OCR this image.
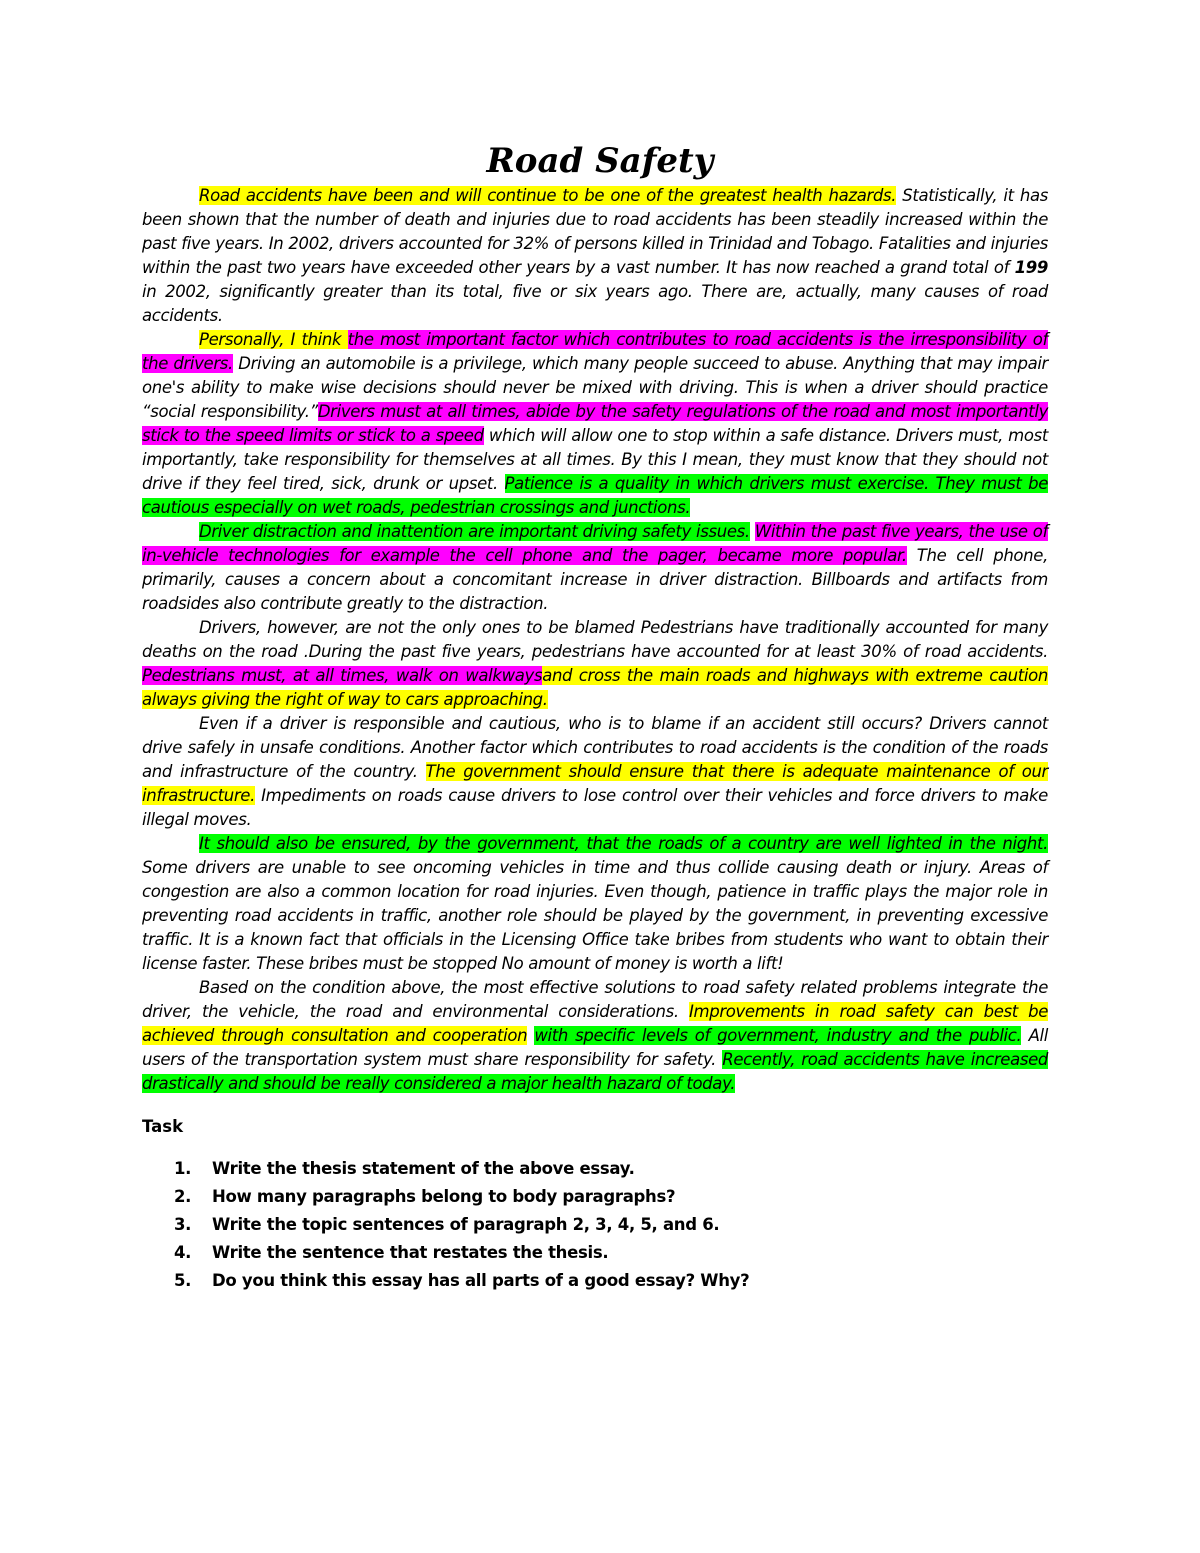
Road Safety

Road accidents have been and will continue to be one of the greatest health hazards. Statistically, it has been shown that the number of death and injuries due to road accidents has been steadily increased within the past five years. In 2002, drivers accounted for 32% of persons killed in Trinidad and Tobago. Fatalities and injuries within the past two years have exceeded other years by a vast number. It has now reached a grand total of 199 in 2002, significantly greater than its total, five or six years ago. There are, actually, many causes of road accidents.

Personally, I think the most important factor which contributes to road accidents is the irresponsibility of the drivers. Driving an automobile is a privilege, which many people succeed to abuse. Anything that may impair one's ability to make wise decisions should never be mixed with driving. This is when a driver should practice “social responsibility.”Drivers must at all times, abide by the safety regulations of the road and most importantly stick to the speed limits or stick to a speed which will allow one to stop within a safe distance. Drivers must, most importantly, take responsibility for themselves at all times. By this I mean, they must know that they should not drive if they feel tired, sick, drunk or upset. Patience is a quality in which drivers must exercise. They must be cautious especially on wet roads, pedestrian crossings and junctions.

Driver distraction and inattention are important driving safety issues. Within the past five years, the use of in-vehicle technologies for example the cell phone and the pager, became more popular. The cell phone, primarily, causes a concern about a concomitant increase in driver distraction. Billboards and artifacts from roadsides also contribute greatly to the distraction.

Drivers, however, are not the only ones to be blamed Pedestrians have traditionally accounted for many deaths on the road .During the past five years, pedestrians have accounted for at least 30% of road accidents. Pedestrians must, at all times, walk on walkwaysand cross the main roads and highways with extreme caution always giving the right of way to cars approaching.

Even if a driver is responsible and cautious, who is to blame if an accident still occurs? Drivers cannot drive safely in unsafe conditions. Another factor which contributes to road accidents is the condition of the roads and infrastructure of the country. The government should ensure that there is adequate maintenance of our infrastructure. Impediments on roads cause drivers to lose control over their vehicles and force drivers to make illegal moves.

It should also be ensured, by the government, that the roads of a country are well lighted in the night. Some drivers are unable to see oncoming vehicles in time and thus collide causing death or injury. Areas of congestion are also a common location for road injuries. Even though, patience in traffic plays the major role in preventing road accidents in traffic, another role should be played by the government, in preventing excessive traffic. It is a known fact that officials in the Licensing Office take bribes from students who want to obtain their license faster. These bribes must be stopped No amount of money is worth a lift!

Based on the condition above, the most effective solutions to road safety related problems integrate the driver, the vehicle, the road and environmental considerations. Improvements in road safety can best be achieved through consultation and cooperation with specific levels of government, industry and the public. All users of the transportation system must share responsibility for safety. Recently, road accidents have increased drastically and should be really considered a major health hazard of today.

Task
1. Write the thesis statement of the above essay.
2. How many paragraphs belong to body paragraphs?
3. Write the topic sentences of paragraph 2, 3, 4, 5, and 6.
4. Write the sentence that restates the thesis.
5. Do you think this essay has all parts of a good essay? Why?
